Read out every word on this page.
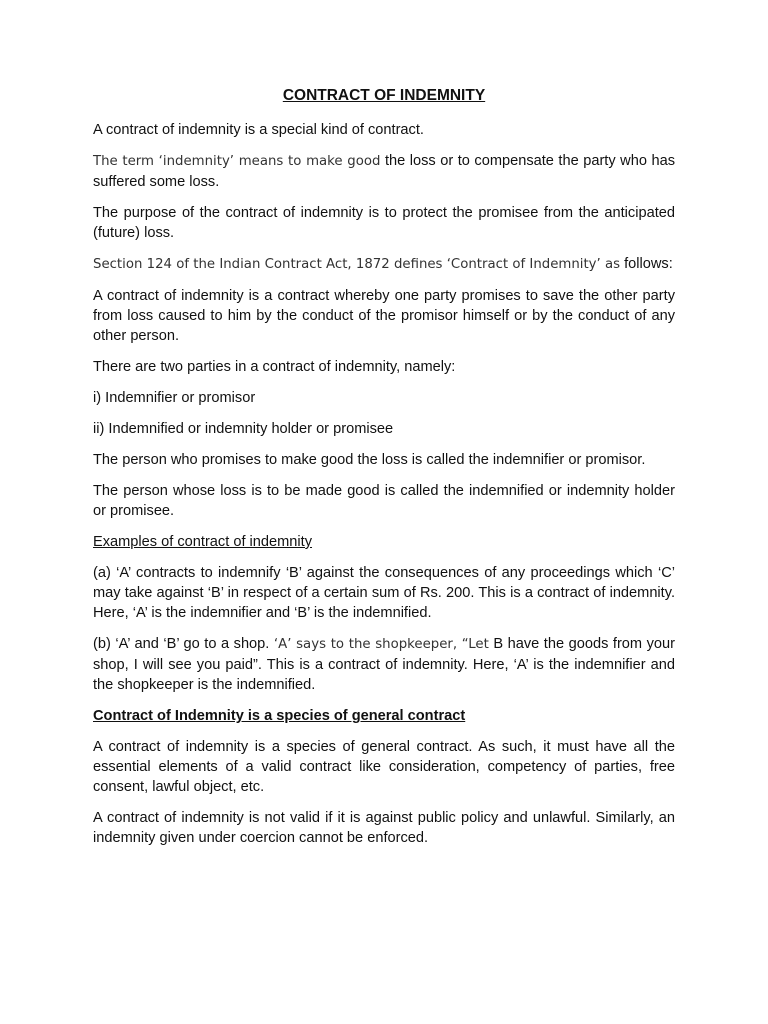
CONTRACT OF INDEMNITY

A contract of indemnity is a special kind of contract.

The term ‘indemnity’ means to make good the loss or to compensate the party who has suffered some loss.

The purpose of the contract of indemnity is to protect the promisee from the anticipated (future) loss.

Section 124 of the Indian Contract Act, 1872 defines ‘Contract of Indemnity’ as follows:

A contract of indemnity is a contract whereby one party promises to save the other party from loss caused to him by the conduct of the promisor himself or by the conduct of any other person.

There are two parties in a contract of indemnity, namely:

i) Indemnifier or promisor

ii) Indemnified or indemnity holder or promisee

The person who promises to make good the loss is called the indemnifier or promisor.

The person whose loss is to be made good is called the indemnified or indemnity holder or promisee.

Examples of contract of indemnity

(a) ‘A’ contracts to indemnify ‘B’ against the consequences of any proceedings which ‘C’ may take against ‘B’ in respect of a certain sum of Rs. 200. This is a contract of indemnity. Here, ‘A’ is the indemnifier and ‘B’ is the indemnified.

(b) ‘A’ and ‘B’ go to a shop. ‘A’ says to the shopkeeper, “Let B have the goods from your shop, I will see you paid”. This is a contract of indemnity. Here, ‘A’ is the indemnifier and the shopkeeper is the indemnified.

Contract of Indemnity is a species of general contract

A contract of indemnity is a species of general contract. As such, it must have all the essential elements of a valid contract like consideration, competency of parties, free consent, lawful object, etc.

A contract of indemnity is not valid if it is against public policy and unlawful. Similarly, an indemnity given under coercion cannot be enforced.
